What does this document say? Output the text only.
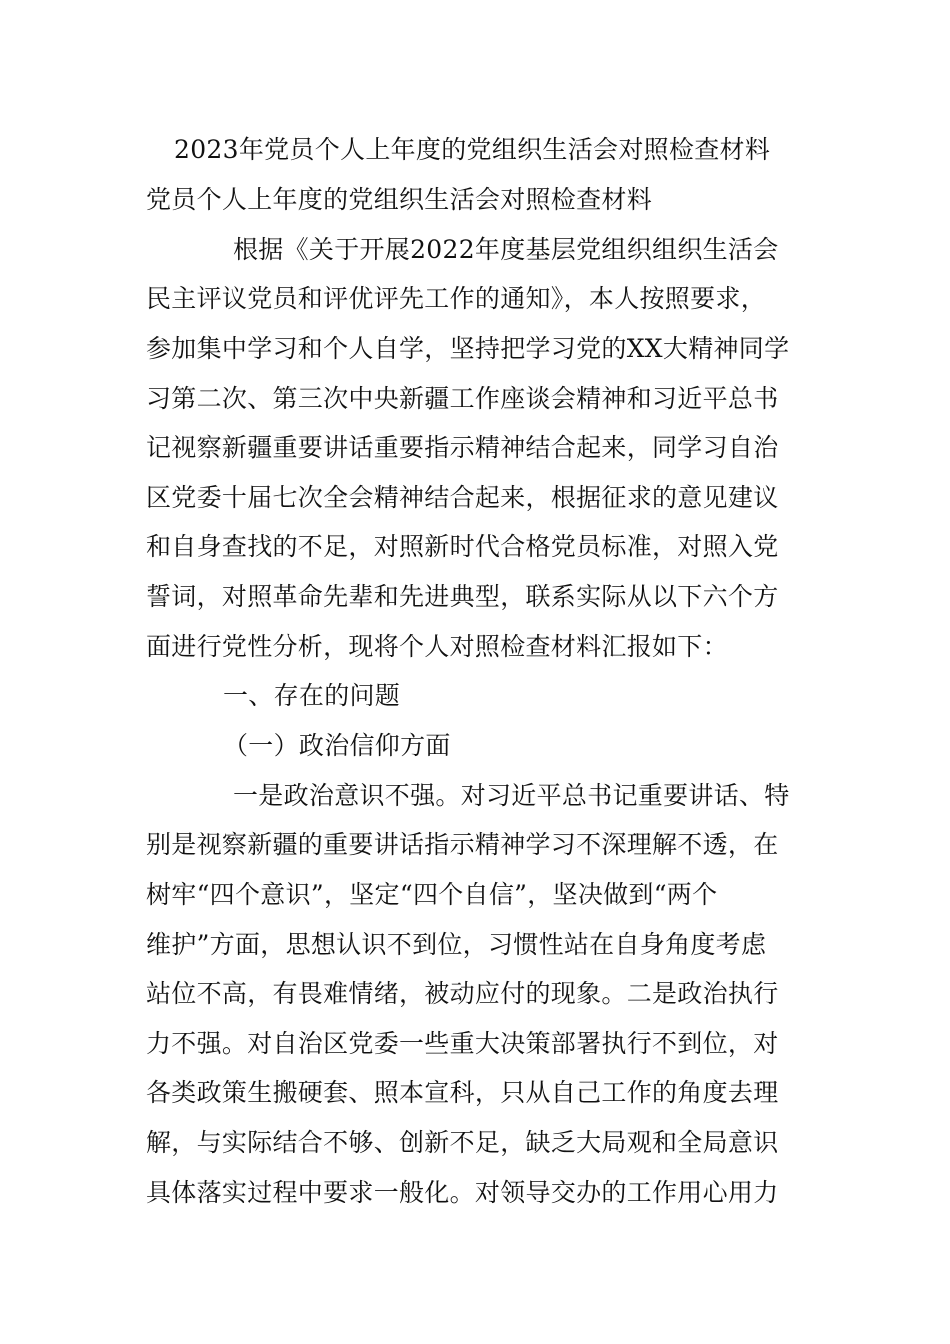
2023年党员个人上年度的党组织生活会对照检查材料
党员个人上年度的党组织生活会对照检查材料
根据《关于开展2022年度基层党组织组织生活会
民主评议党员和评优评先工作的通知》，本人按照要求，
参加集中学习和个人自学，坚持把学习党的XX大精神同学
习第二次、第三次中央新疆工作座谈会精神和习近平总书
记视察新疆重要讲话重要指示精神结合起来，同学习自治
区党委十届七次全会精神结合起来，根据征求的意见建议
和自身查找的不足，对照新时代合格党员标准，对照入党
誓词，对照革命先辈和先进典型，联系实际从以下六个方
面进行党性分析，现将个人对照检查材料汇报如下：
一、存在的问题
（一）政治信仰方面
一是政治意识不强。对习近平总书记重要讲话、特
别是视察新疆的重要讲话指示精神学习不深理解不透，在
树牢“四个意识”，坚定“四个自信”，坚决做到“两个
维护”方面，思想认识不到位，习惯性站在自身角度考虑
站位不高，有畏难情绪，被动应付的现象。二是政治执行
力不强。对自治区党委一些重大决策部署执行不到位，对
各类政策生搬硬套、照本宣科，只从自己工作的角度去理
解，与实际结合不够、创新不足，缺乏大局观和全局意识
具体落实过程中要求一般化。对领导交办的工作用心用力
